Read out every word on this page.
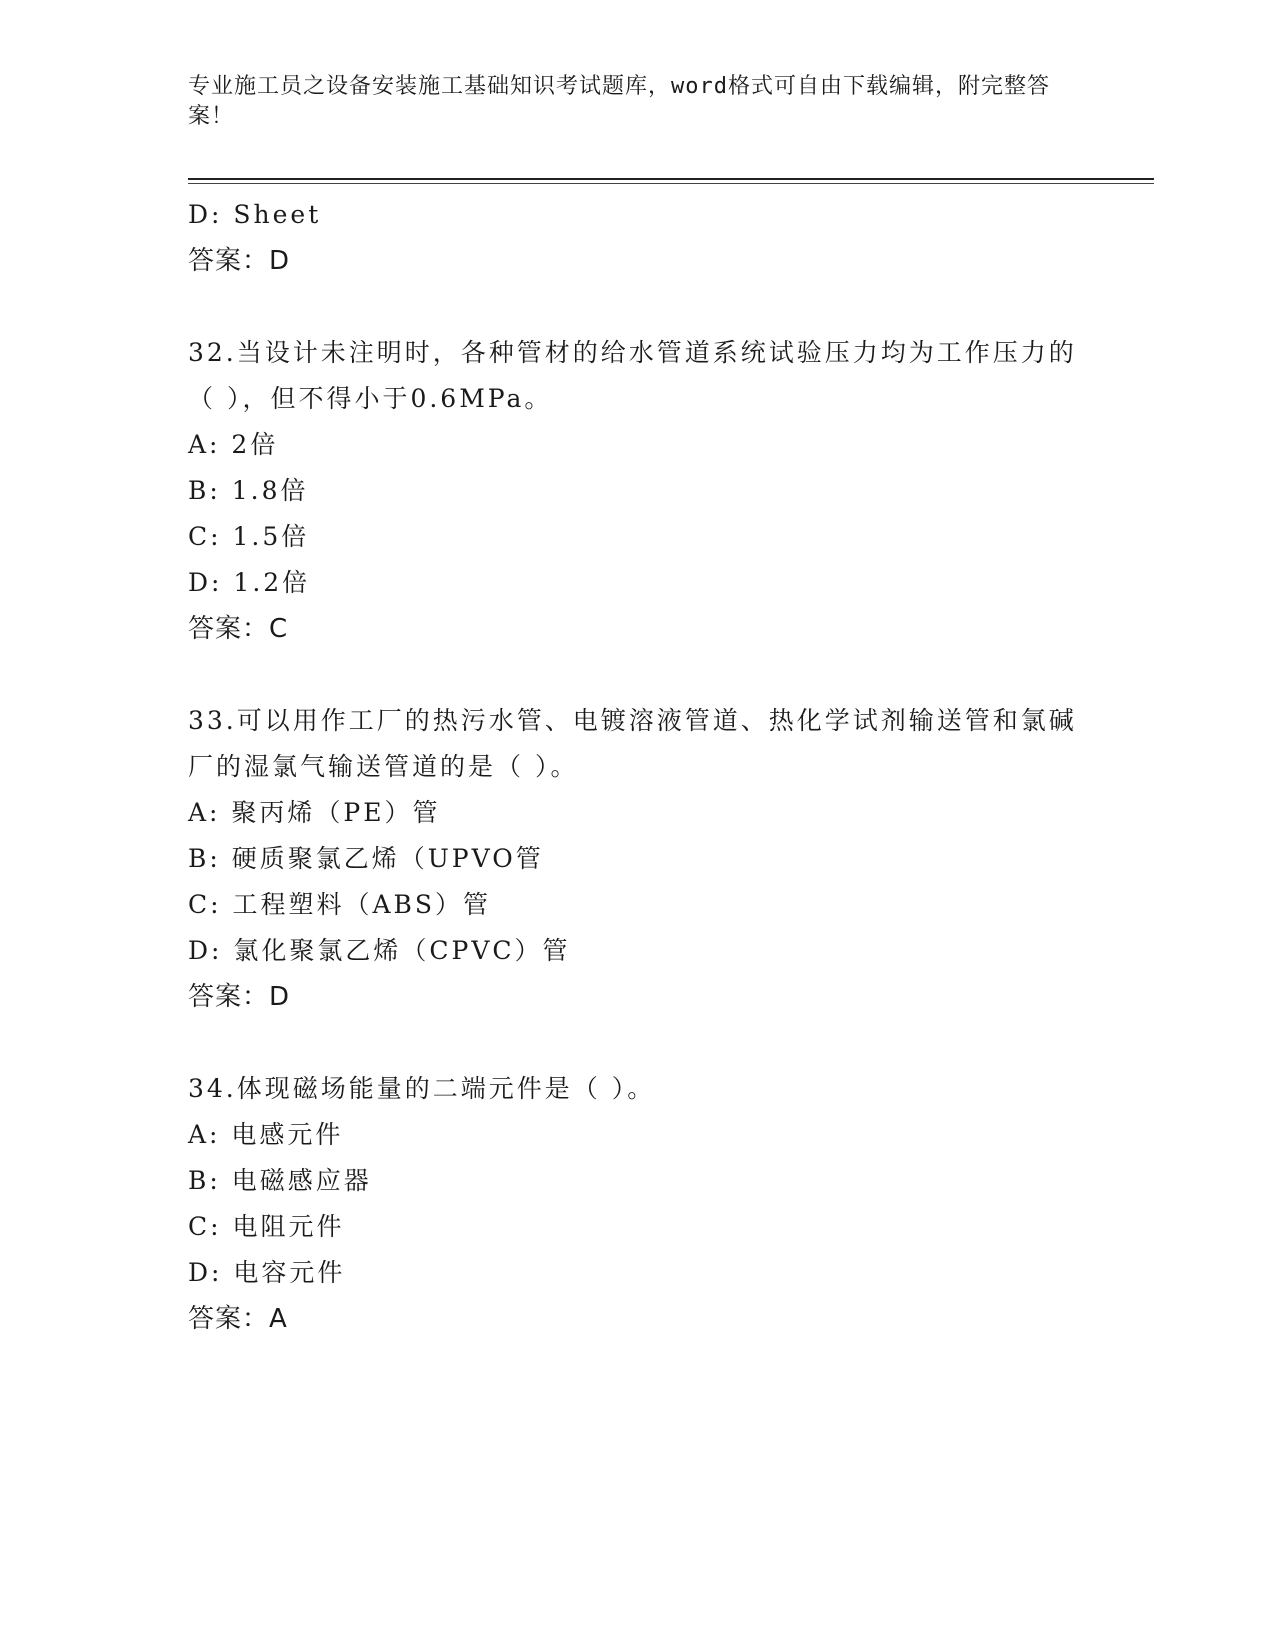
专业施工员之设备安装施工基础知识考试题库，word格式可自由下载编辑，附完整答案！
D: Sheet
答案：D
32.当设计未注明时，各种管材的给水管道系统试验压力均为工作压力的（ ），但不得小于0.6MPa。
A: 2倍
B: 1.8倍
C: 1.5倍
D: 1.2倍
答案：C
33.可以用作工厂的热污水管、电镀溶液管道、热化学试剂输送管和氯碱厂的湿氯气输送管道的是（ ）。
A: 聚丙烯（PE）管
B: 硬质聚氯乙烯（UPVO管
C: 工程塑料（ABS）管
D: 氯化聚氯乙烯（CPVC）管
答案：D
34.体现磁场能量的二端元件是（ ）。
A: 电感元件
B: 电磁感应器
C: 电阻元件
D: 电容元件
答案：A
